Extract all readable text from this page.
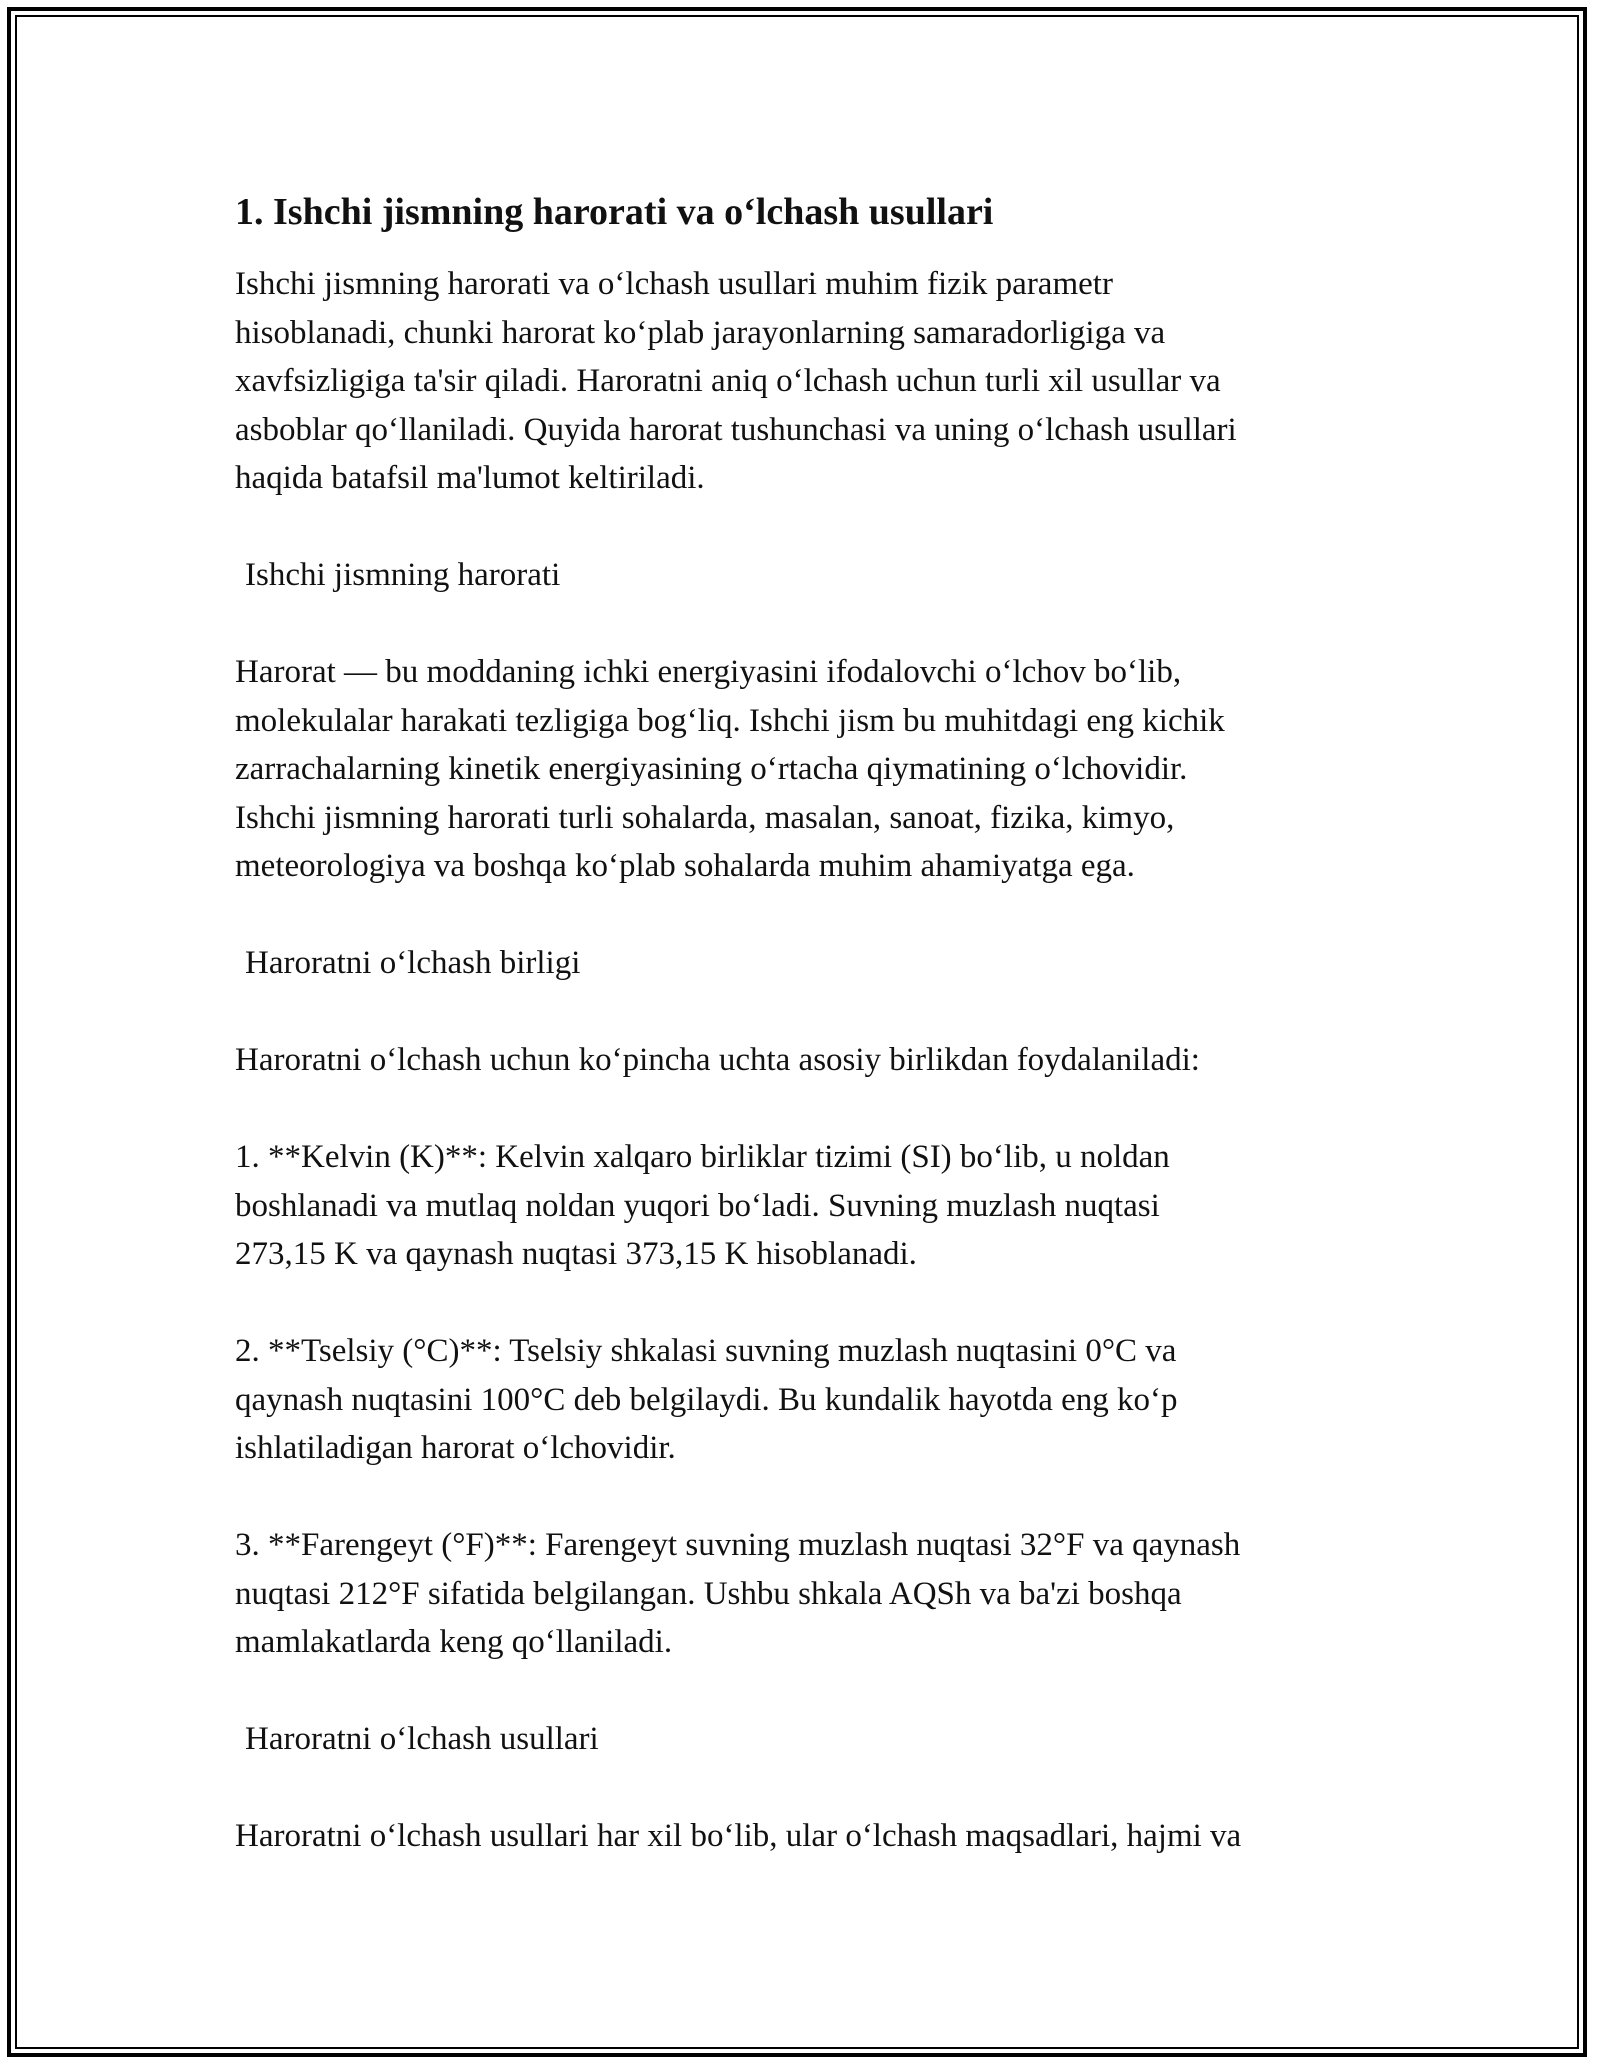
1. Ishchi jismning harorati va o‘lchash usullari
Ishchi jismning harorati va o‘lchash usullari muhim fizik parametr
hisoblanadi, chunki harorat ko‘plab jarayonlarning samaradorligiga va
xavfsizligiga ta'sir qiladi. Haroratni aniq o‘lchash uchun turli xil usullar va
asboblar qo‘llaniladi. Quyida harorat tushunchasi va uning o‘lchash usullari
haqida batafsil ma'lumot keltiriladi.
Ishchi jismning harorati
Harorat — bu moddaning ichki energiyasini ifodalovchi o‘lchov bo‘lib,
molekulalar harakati tezligiga bog‘liq. Ishchi jism bu muhitdagi eng kichik
zarrachalarning kinetik energiyasining o‘rtacha qiymatining o‘lchovidir.
Ishchi jismning harorati turli sohalarda, masalan, sanoat, fizika, kimyo,
meteorologiya va boshqa ko‘plab sohalarda muhim ahamiyatga ega.
Haroratni o‘lchash birligi
Haroratni o‘lchash uchun ko‘pincha uchta asosiy birlikdan foydalaniladi:
1. **Kelvin (K)**: Kelvin xalqaro birliklar tizimi (SI) bo‘lib, u noldan
boshlanadi va mutlaq noldan yuqori bo‘ladi. Suvning muzlash nuqtasi
273,15 K va qaynash nuqtasi 373,15 K hisoblanadi.
2. **Tselsiy (°C)**: Tselsiy shkalasi suvning muzlash nuqtasini 0°C va
qaynash nuqtasini 100°C deb belgilaydi. Bu kundalik hayotda eng ko‘p
ishlatiladigan harorat o‘lchovidir.
3. **Farengeyt (°F)**: Farengeyt suvning muzlash nuqtasi 32°F va qaynash
nuqtasi 212°F sifatida belgilangan. Ushbu shkala AQSh va ba'zi boshqa
mamlakatlarda keng qo‘llaniladi.
Haroratni o‘lchash usullari
Haroratni o‘lchash usullari har xil bo‘lib, ular o‘lchash maqsadlari, hajmi va
